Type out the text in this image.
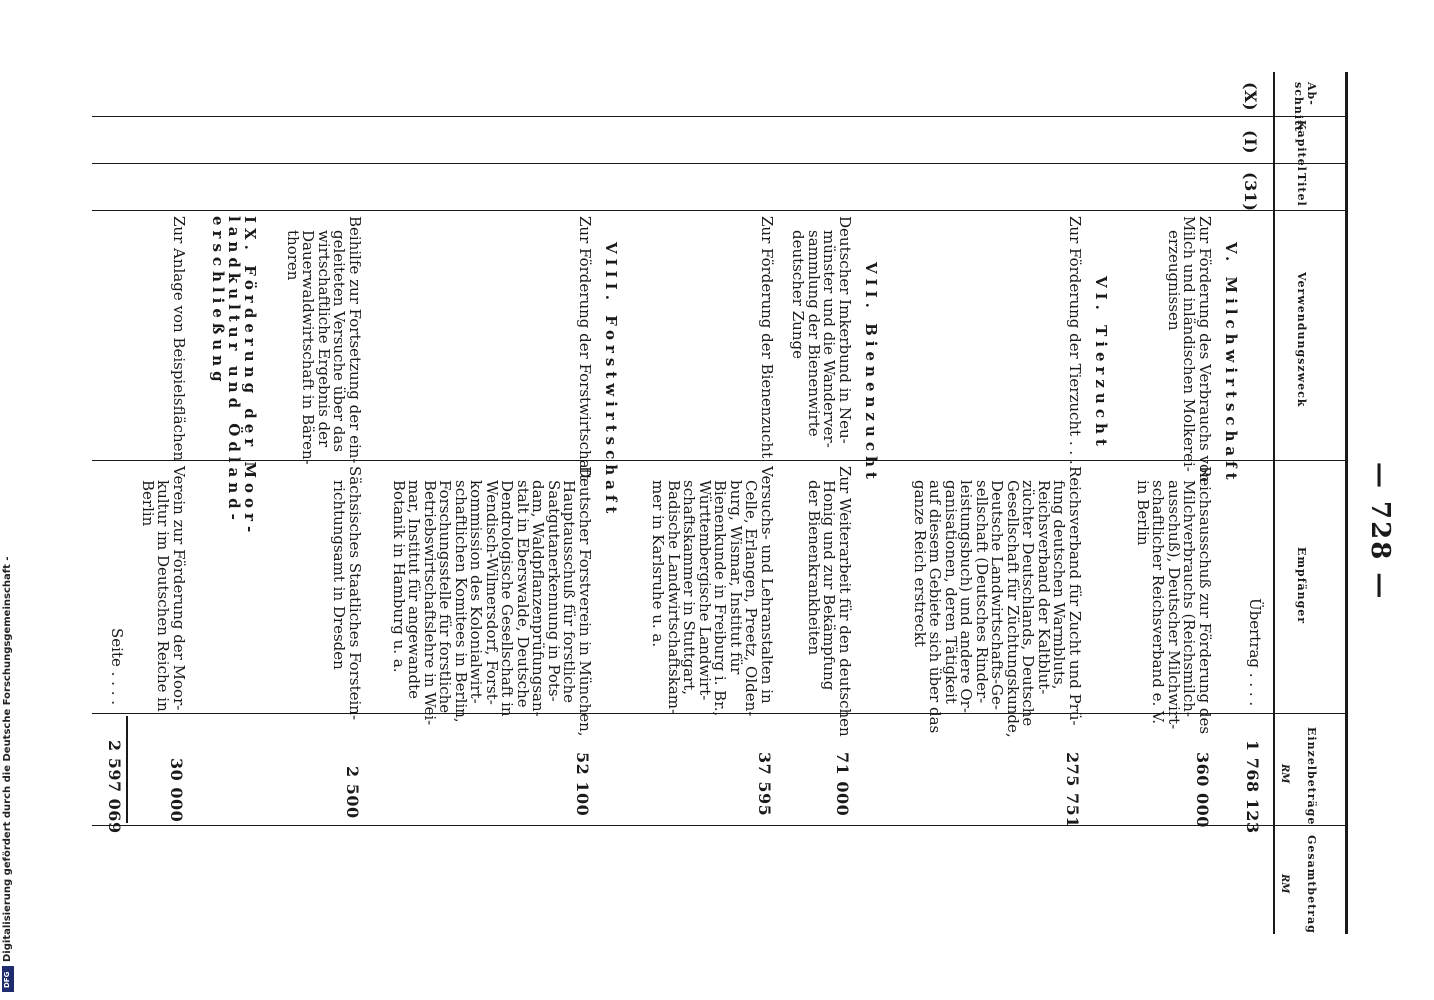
— 728 —
Digitalisierung gefördert durch die Deutsche Forschungsgemeinschaft -
DFG
Ab-
schnitt
Kapitel
Titel
Verwendungszweck
Empfänger
Einzelbeträge
RM
Gesamtbetrag
RM
(X)
(I)
(31)
Übertrag . . . .
1 768 123
V. Milchwirtschaft
Zur Förderung des Verbrauchs von
Milch und inländischen Molkerei-
erzeugnissen
Reichsausschuß zur Förderung des
Milchverbrauchs (Reichsmilch-
ausschuß), Deutscher Milchwirt-
schaftlicher Reichsverband e. V.
in Berlin
360 000
VI. Tierzucht
Zur Förderung der Tierzucht . . .
Reichsverband für Zucht und Prü-
fung deutschen Warmbluts,
Reichsverband der Kaltblut-
züchter Deutschlands, Deutsche
Gesellschaft für Züchtungskunde,
Deutsche Landwirtschafts-Ge-
sellschaft (Deutsches Rinder-
leistungsbuch) und andere Or-
ganisationen, deren Tätigkeit
auf diesem Gebiete sich über das
ganze Reich erstreckt
275 751
VII. Bienenzucht
Deutscher Imkerbund in Neu-
münster und die Wanderver-
sammlung der Bienenwirte
deutscher Zunge
Zur Weiterarbeit für den deutschen
Honig und zur Bekämpfung
der Bienenkrankheiten
71 000
Zur Förderung der Bienenzucht
Versuchs- und Lehranstalten in
Celle, Erlangen, Preetz, Olden-
burg, Wismar, Institut für
Bienenkunde in Freiburg i. Br.,
Württembergische Landwirt-
schaftskammer in Stuttgart,
Badische Landwirtschaftskam-
mer in Karlsruhe u. a.
37 595
VIII. Forstwirtschaft
Zur Förderung der Forstwirtschaft
Deutscher Forstverein in München,
Hauptausschuß für forstliche
Saatgutanerkennung in Pots-
dam, Waldpflanzenprüfungsan-
stalt in Eberswalde, Deutsche
Dendrologische Gesellschaft in
Wendisch-Wilmersdorf, Forst-
kommission des Kolonialwirt-
schaftlichen Komitees in Berlin,
Forschungsstelle für forstliche
Betriebswirtschaftslehre in Wei-
mar, Institut für angewandte
Botanik in Hamburg u. a.
52 100
Beihilfe zur Fortsetzung der ein-
geleiteten Versuche über das
wirtschaftliche Ergebnis der
Dauerwaldwirtschaft in Bären-
thoren
Sächsisches Staatliches Forstein-
richtungsamt in Dresden
2 500
IX. Förderung der Moor-
landkultur und Ödland-
erschließung
Zur Anlage von Beispielsflächen
Verein zur Förderung der Moor-
kultur im Deutschen Reiche in
Berlin
30 000
Seite . . . .
2 597 069
